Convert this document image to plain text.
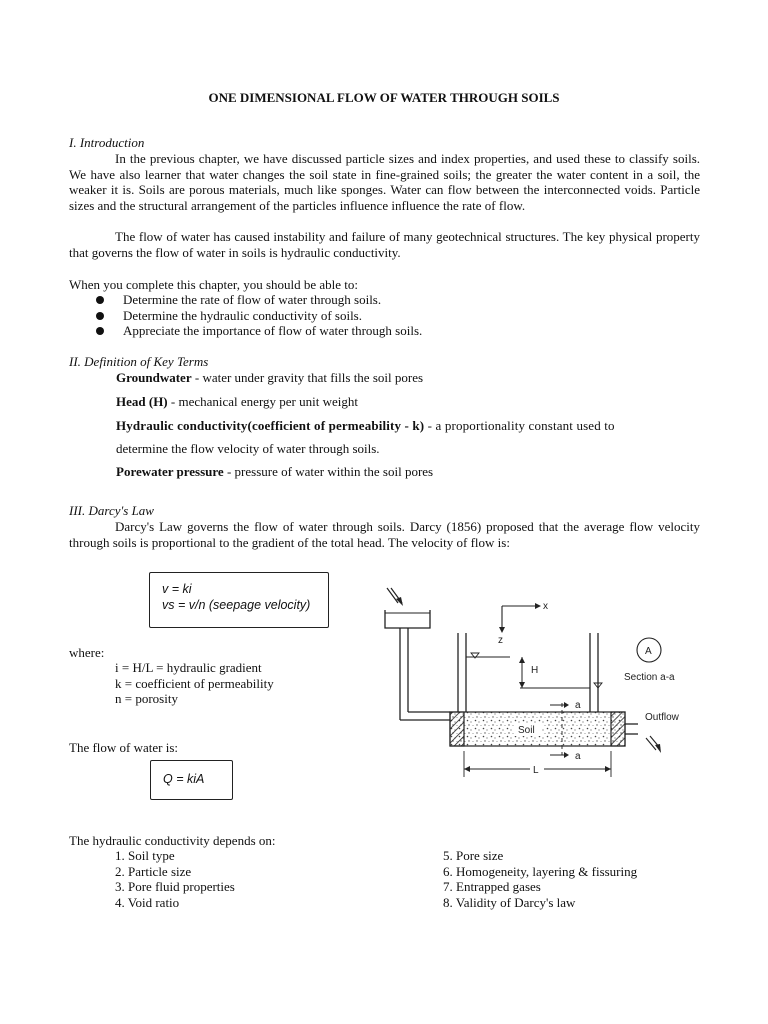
ONE DIMENSIONAL FLOW OF WATER THROUGH SOILS
I. Introduction
In the previous chapter, we have discussed particle sizes and index properties, and used these to classify soils. We have also learner that water changes the soil state in fine-grained soils; the greater the water content in a soil, the weaker it is. Soils are porous materials, much like sponges. Water can flow between the interconnected voids. Particle sizes and the structural arrangement of the particles influence influence the rate of flow.
The flow of water has caused instability and failure of many geotechnical structures. The key physical property that governs the flow of water in soils is hydraulic conductivity.
When you complete this chapter, you should be able to:
Determine the rate of flow of water through soils.
Determine the hydraulic conductivity of soils.
Appreciate the importance of flow of water through soils.
II. Definition of Key Terms
Groundwater - water under gravity that fills the soil pores
Head (H) - mechanical energy per unit weight
Hydraulic conductivity(coefficient of permeability - k) - a proportionality constant used to
determine the flow velocity of water through soils.
Porewater pressure - pressure of water within the soil pores
III. Darcy's Law
Darcy's Law governs the flow of water through soils. Darcy (1856) proposed that the average flow velocity through soils is proportional to the gradient of the total head. The velocity of flow is:
v = ki
vs = v/n (seepage velocity)
where:
i = H/L = hydraulic gradient
k = coefficient of permeability
n = porosity
The flow of water is:
Q = kiA
x
z
H
A
Section a-a
Soil
a
a
Outflow
L
The hydraulic conductivity depends on:
1. Soil type
2. Particle size
3. Pore fluid properties
4. Void ratio
5. Pore size
6. Homogeneity, layering & fissuring
7. Entrapped gases
8. Validity of Darcy's law
